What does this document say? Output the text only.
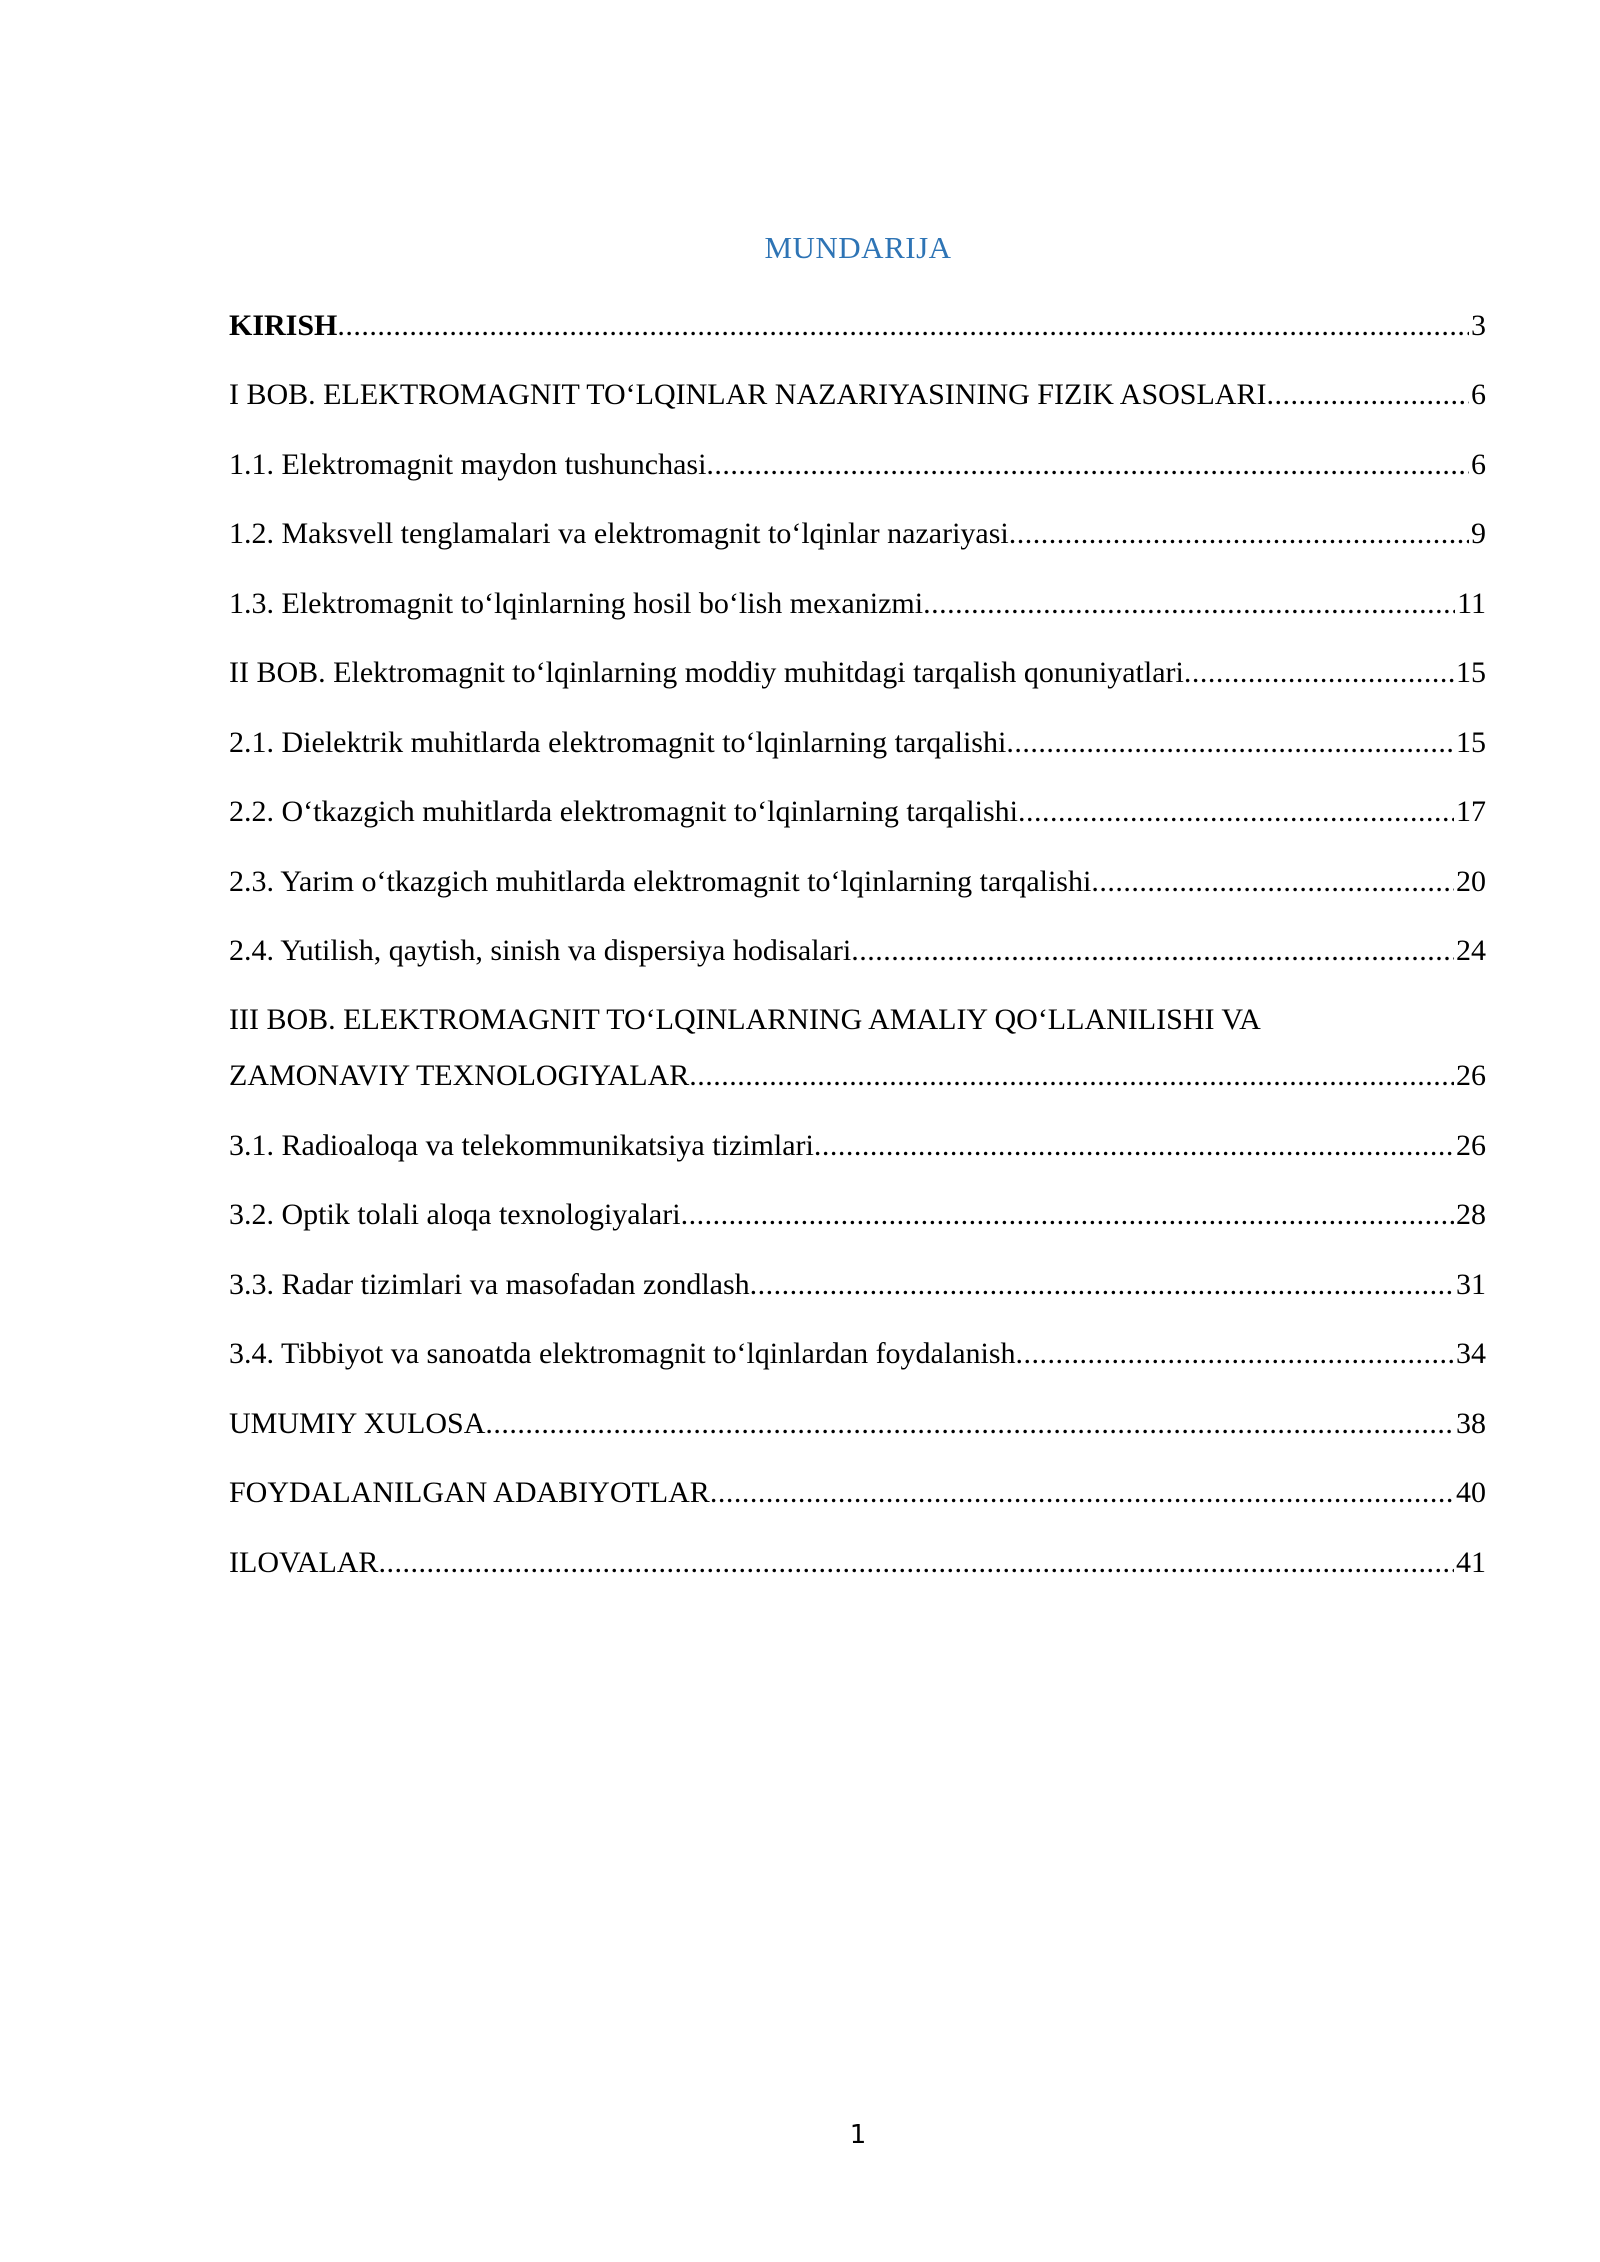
MUNDARIJA
KIRISH .....	3
I BOB. ELEKTROMAGNIT TO‘LQINLAR NAZARIYASINING FIZIK ASOSLARI .....	6
1.1. Elektromagnit maydon tushunchasi .....	6
1.2. Maksvell tenglamalari va elektromagnit to‘lqinlar nazariyasi .....	9
1.3. Elektromagnit to‘lqinlarning hosil bo‘lish mexanizmi .....	11
II BOB. Elektromagnit to‘lqinlarning moddiy muhitdagi tarqalish qonuniyatlari .....	15
2.1. Dielektrik muhitlarda elektromagnit to‘lqinlarning tarqalishi .....	15
2.2. O‘tkazgich muhitlarda elektromagnit to‘lqinlarning tarqalishi .....	17
2.3. Yarim o‘tkazgich muhitlarda elektromagnit to‘lqinlarning tarqalishi .....	20
2.4. Yutilish, qaytish, sinish va dispersiya hodisalari .....	24
III BOB. ELEKTROMAGNIT TO‘LQINLARNING AMALIY QO‘LLANILISHI VA
ZAMONAVIY TEXNOLOGIYALAR .....	26
3.1. Radioaloqa va telekommunikatsiya tizimlari .....	26
3.2. Optik tolali aloqa texnologiyalari .....	28
3.3. Radar tizimlari va masofadan zondlash .....	31
3.4. Tibbiyot va sanoatda elektromagnit to‘lqinlardan foydalanish .....	34
UMUMIY XULOSA .....	38
FOYDALANILGAN ADABIYOTLAR .....	40
ILOVALAR .....	41
1
